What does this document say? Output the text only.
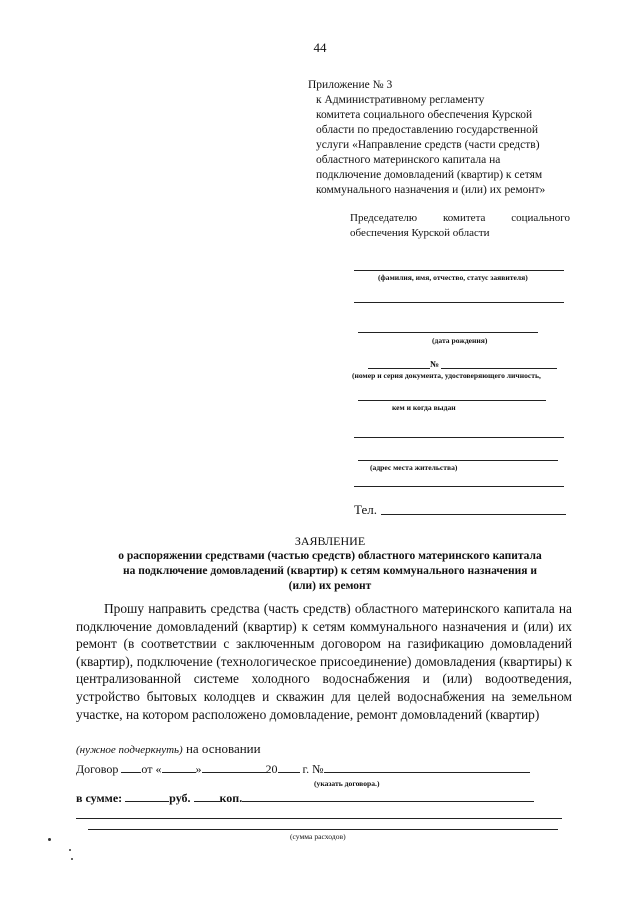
44
Приложение № 3
к Административному регламенту
комитета социального обеспечения Курской
области по предоставлению государственной
услуги «Направление средств (части средств)
областного материнского капитала на
подключение домовладений (квартир) к сетям
коммунального назначения и (или) их ремонт»
Председателю комитета социального
обеспечения Курской области
(фамилия, имя, отчество, статус заявителя)
(дата рождения)
№
(номер и серия документа, удостоверяющего личность,
кем и когда выдан
(адрес места жительства)
Тел.
ЗАЯВЛЕНИЕ
о распоряжении средствами (частью средств) областного материнского капитала
на подключение домовладений (квартир) к сетям коммунального назначения и
(или) их ремонт
Прошу направить средства (часть средств) областного материнского капитала на подключение домовладений (квартир) к сетям коммунального назначения и (или) их ремонт (в соответствии с заключенным договором на газификацию домовладений (квартир), подключение (технологическое присоединение) домовладения (квартиры) к централизованной системе холодного водоснабжения и (или) водоотведения, устройство бытовых колодцев и скважин для целей водоснабжения на земельном участке, на котором расположено домовладение, ремонт домовладений (квартир)
(нужное подчеркнуть) на основании
Договор от «	»	20 г. №
(указать договора.)
в сумме:	руб. коп.
(сумма расходов)
